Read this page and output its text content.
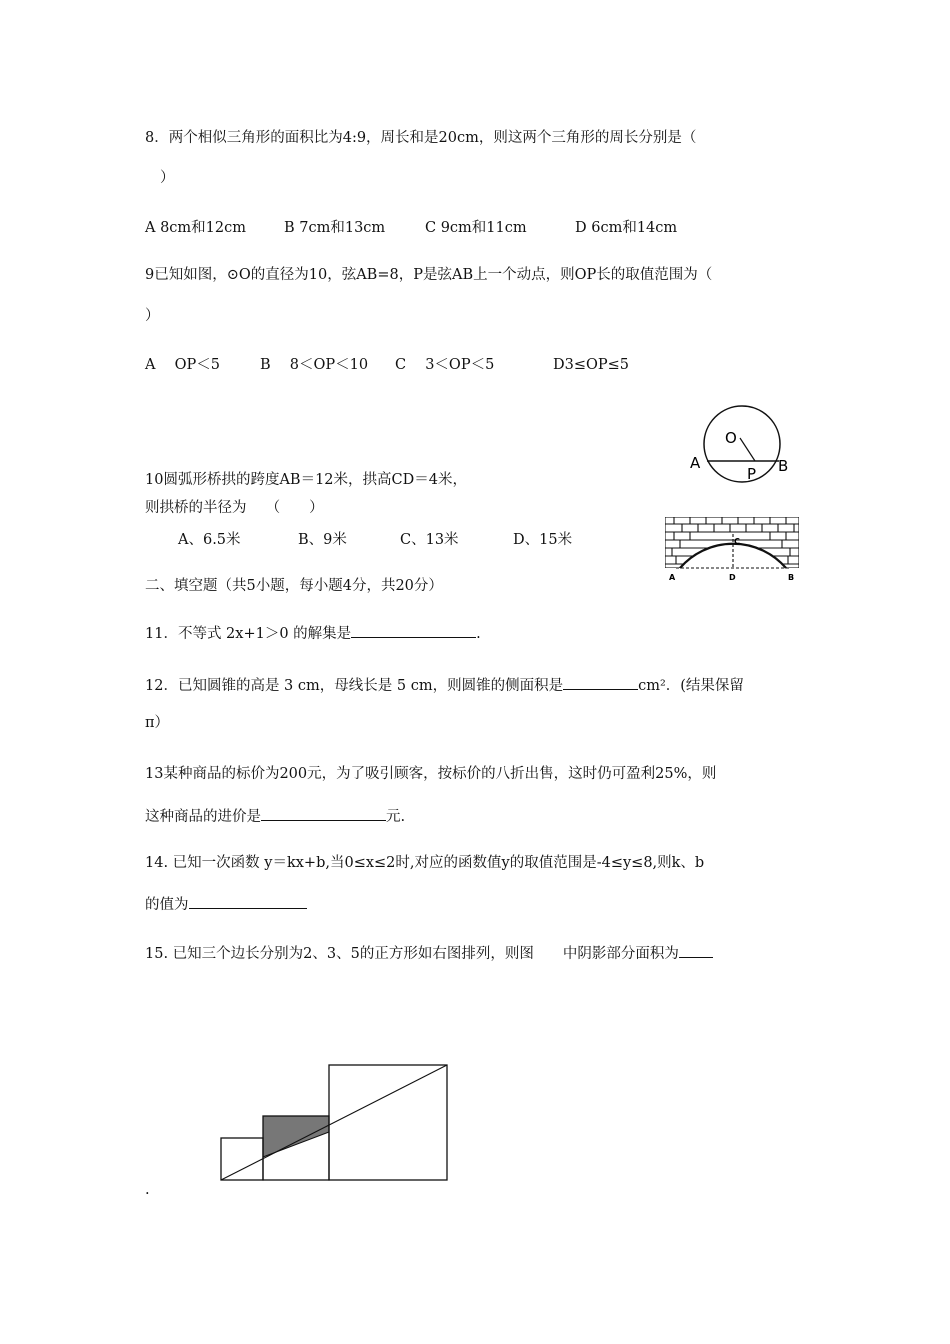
8．两个相似三角形的面积比为4:9，周长和是20cm，则这两个三角形的周长分别是（
）
A 8cm和12cm	B 7cm和13cm	C 9cm和11cm	D 6cm和14cm
9已知如图，⊙O的直径为10，弦AB=8，P是弦AB上一个动点，则OP长的取值范围为（
）
A　 OP＜5	B　 8＜OP＜10 C　 3＜OP＜5	D3≤OP≤5
O
A
P B
10圆弧形桥拱的跨度AB＝12米，拱高CD＝4米，
则拱桥的半径为　 （　　）
A、6.5米	B、9米	C、13米	D、15米	C
A	D	B
二、填空题（共5小题，每小题4分，共20分）
11．不等式 2x+1＞0 的解集是	.
12．已知圆锥的高是 3 cm，母线长是 5 cm，则圆锥的侧面积是	cm²．(结果保留
π）
13某种商品的标价为200元，为了吸引顾客，按标价的八折出售，这时仍可盈利25%，则
这种商品的进价是	元.
14. 已知一次函数 y＝kx+b,当0≤x≤2时,对应的函数值y的取值范围是-4≤y≤8,则k、b
的值为
15. 已知三个边长分别为2、3、5的正方形如右图排列，则图　　中阴影部分面积为
.
